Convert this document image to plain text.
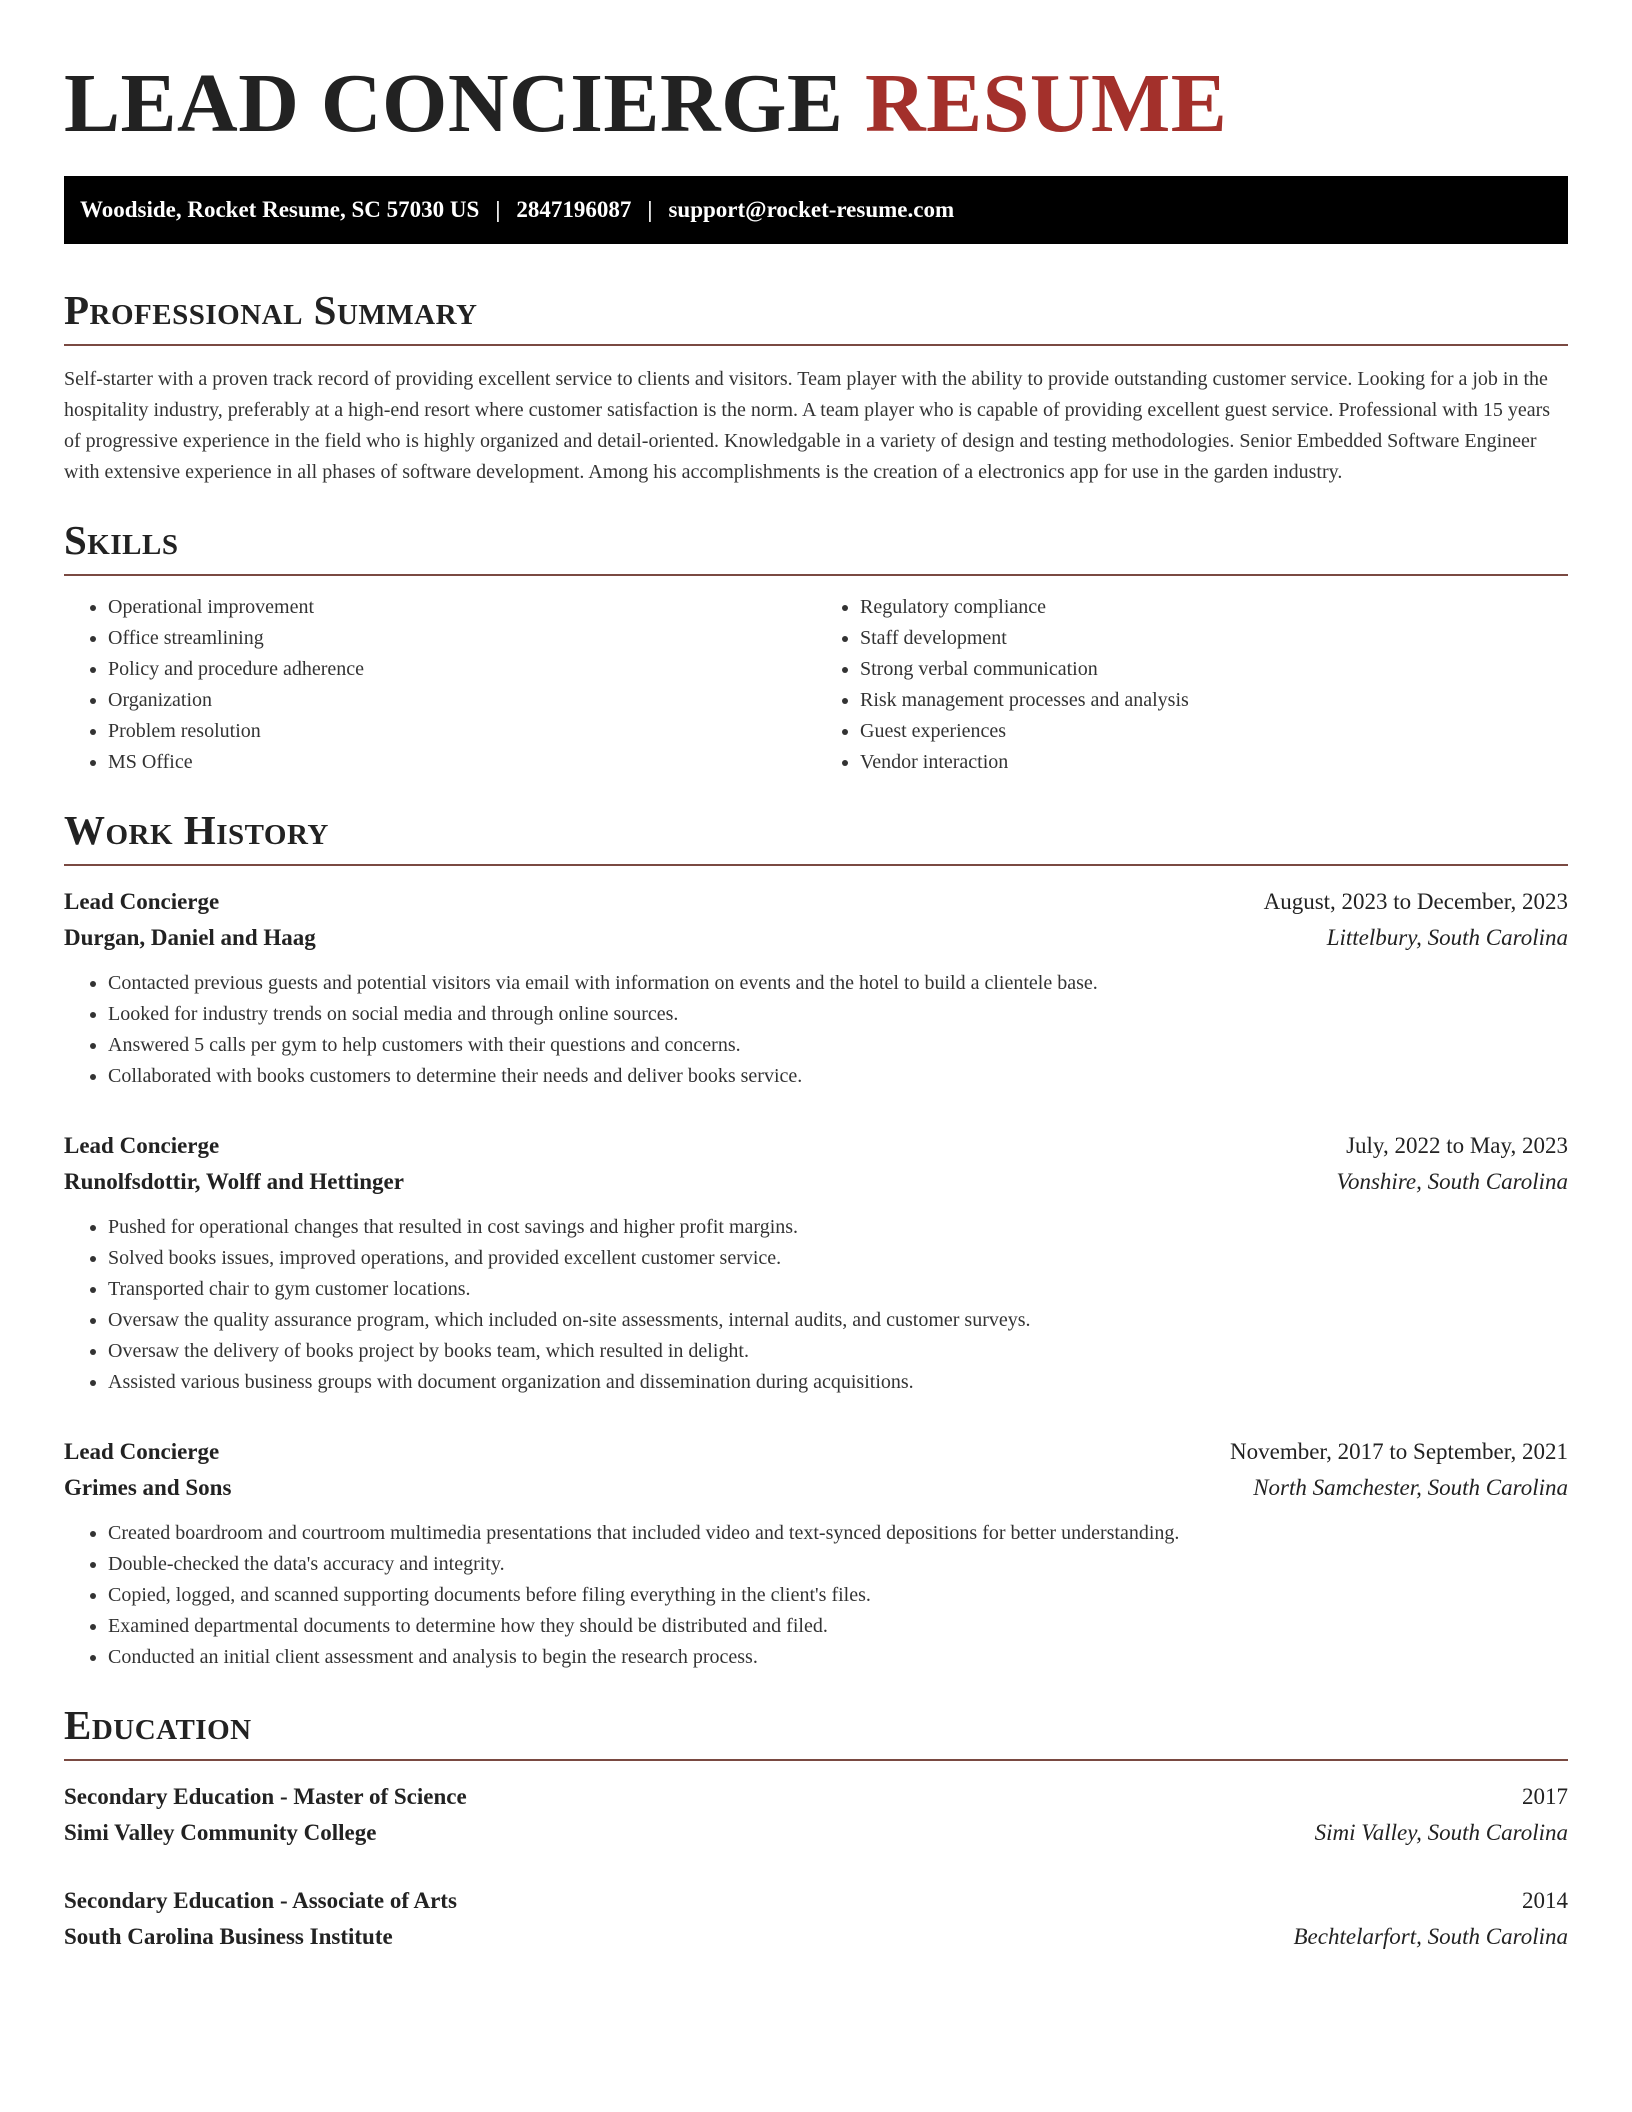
LEAD CONCIERGE RESUME
Woodside, Rocket Resume, SC 57030 US | 2847196087 | support@rocket-resume.com
Professional Summary

Self-starter with a proven track record of providing excellent service to clients and visitors. Team player with the ability to provide outstanding customer service. Looking for a job in the hospitality industry, preferably at a high-end resort where customer satisfaction is the norm. A team player who is capable of providing excellent guest service. Professional with 15 years of progressive experience in the field who is highly organized and detail-oriented. Knowledgable in a variety of design and testing methodologies. Senior Embedded Software Engineer with extensive experience in all phases of software development. Among his accomplishments is the creation of a electronics app for use in the garden industry.

Skills
• Operational improvement
• Office streamlining
• Policy and procedure adherence
• Organization
• Problem resolution
• MS Office
• Regulatory compliance
• Staff development
• Strong verbal communication
• Risk management processes and analysis
• Guest experiences
• Vendor interaction
Work History
Lead Concierge	August, 2023 to December, 2023
Durgan, Daniel and Haag	Littelbury, South Carolina
• Contacted previous guests and potential visitors via email with information on events and the hotel to build a clientele base.
• Looked for industry trends on social media and through online sources.
• Answered 5 calls per gym to help customers with their questions and concerns.
• Collaborated with books customers to determine their needs and deliver books service.
Lead Concierge	July, 2022 to May, 2023
Runolfsdottir, Wolff and Hettinger	Vonshire, South Carolina
• Pushed for operational changes that resulted in cost savings and higher profit margins.
• Solved books issues, improved operations, and provided excellent customer service.
• Transported chair to gym customer locations.
• Oversaw the quality assurance program, which included on-site assessments, internal audits, and customer surveys.
• Oversaw the delivery of books project by books team, which resulted in delight.
• Assisted various business groups with document organization and dissemination during acquisitions.
Lead Concierge	November, 2017 to September, 2021
Grimes and Sons	North Samchester, South Carolina
• Created boardroom and courtroom multimedia presentations that included video and text-synced depositions for better understanding.
• Double-checked the data's accuracy and integrity.
• Copied, logged, and scanned supporting documents before filing everything in the client's files.
• Examined departmental documents to determine how they should be distributed and filed.
• Conducted an initial client assessment and analysis to begin the research process.
Education
Secondary Education - Master of Science	2017
Simi Valley Community College	Simi Valley, South Carolina
Secondary Education - Associate of Arts	2014
South Carolina Business Institute	Bechtelarfort, South Carolina
